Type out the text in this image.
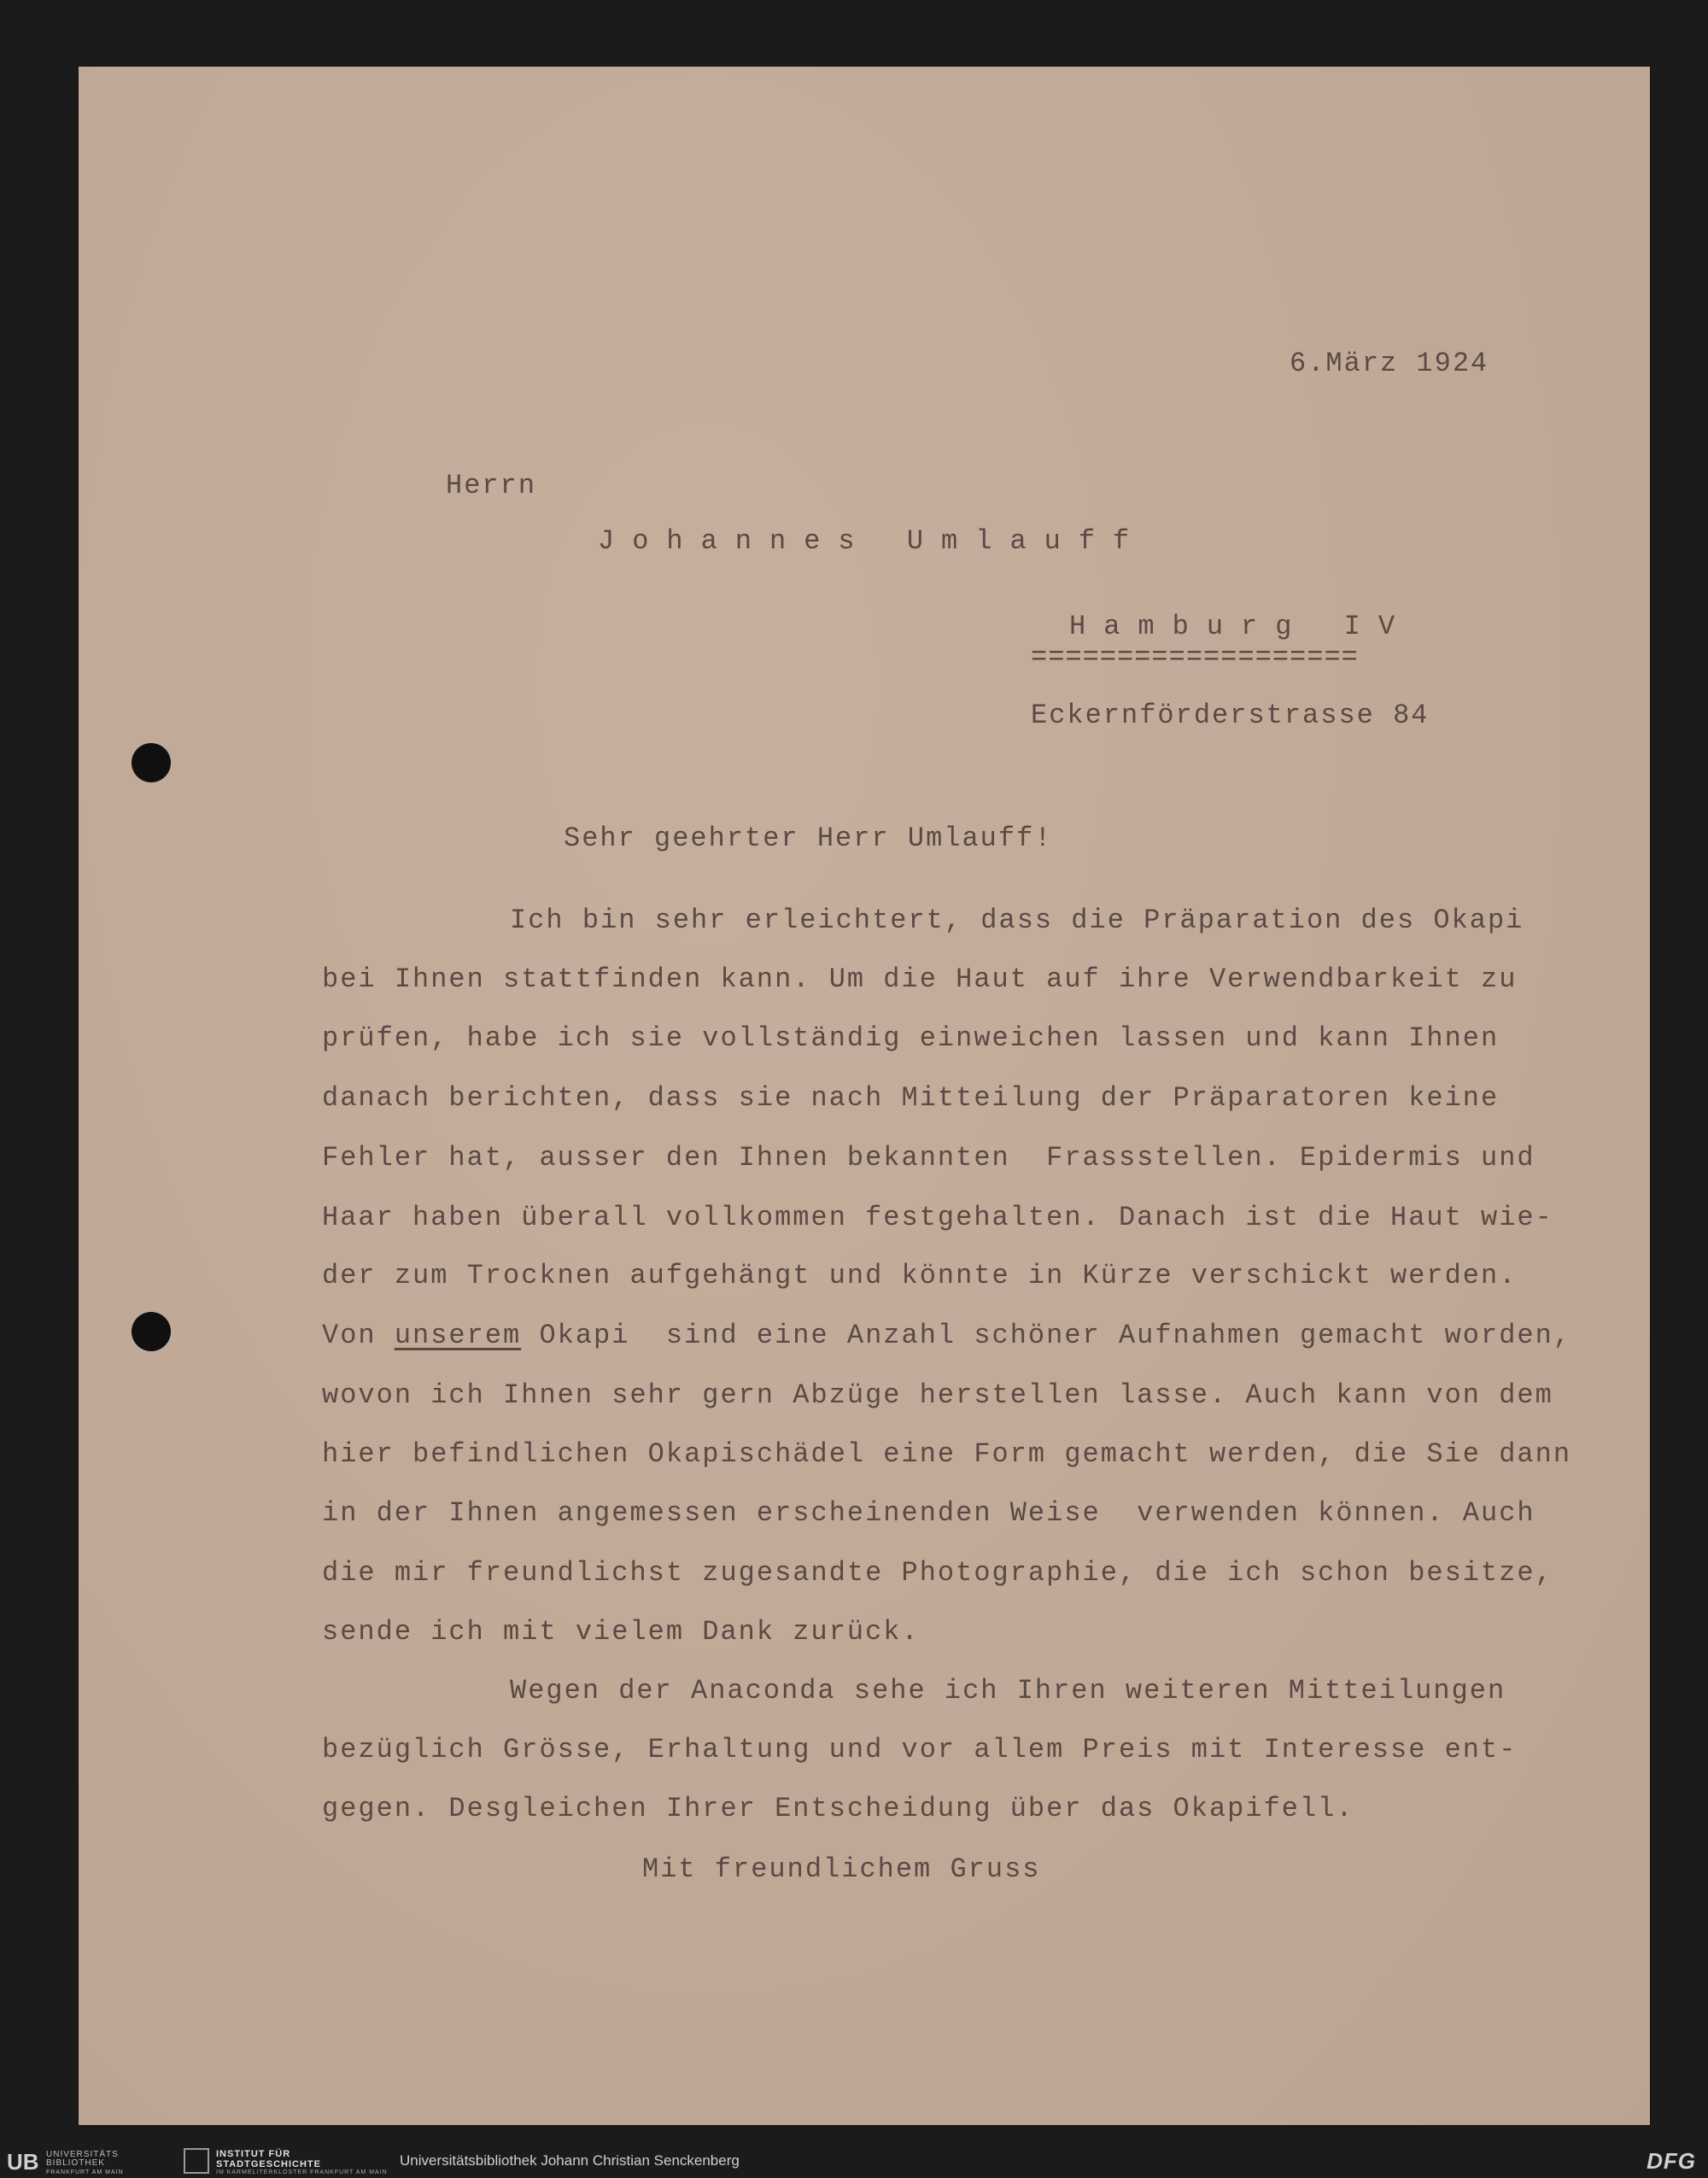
6.März 1924
Herrn
Johannes Umlauff
Hamburg IV
===================
Eckernförderstrasse 84
Sehr geehrter Herr Umlauff!
Ich bin sehr erleichtert, dass die Präparation des Okapi
bei Ihnen stattfinden kann. Um die Haut auf ihre Verwendbarkeit zu
prüfen, habe ich sie vollständig einweichen lassen und kann Ihnen
danach berichten, dass sie nach Mitteilung der Präparatoren keine
Fehler hat, ausser den Ihnen bekannten  Frassstellen. Epidermis und
Haar haben überall vollkommen festgehalten. Danach ist die Haut wie-
der zum Trocknen aufgehängt und könnte in Kürze verschickt werden.
Von unserem Okapi  sind eine Anzahl schöner Aufnahmen gemacht worden,
wovon ich Ihnen sehr gern Abzüge herstellen lasse. Auch kann von dem
hier befindlichen Okapischädel eine Form gemacht werden, die Sie dann
in der Ihnen angemessen erscheinenden Weise  verwenden können. Auch
die mir freundlichst zugesandte Photographie, die ich schon besitze,
sende ich mit vielem Dank zurück.
Wegen der Anaconda sehe ich Ihren weiteren Mitteilungen
bezüglich Grösse, Erhaltung und vor allem Preis mit Interesse ent-
gegen. Desgleichen Ihrer Entscheidung über das Okapifell.
Mit freundlichem Gruss
UB UNIVERSITÄTS
BIBLIOTHEK
FRANKFURT AM MAIN
INSTITUT FÜR
STADTGESCHICHTE
IM KARMELITERKLOSTER FRANKFURT AM MAIN
Universitätsbibliothek Johann Christian Senckenberg	DFG
